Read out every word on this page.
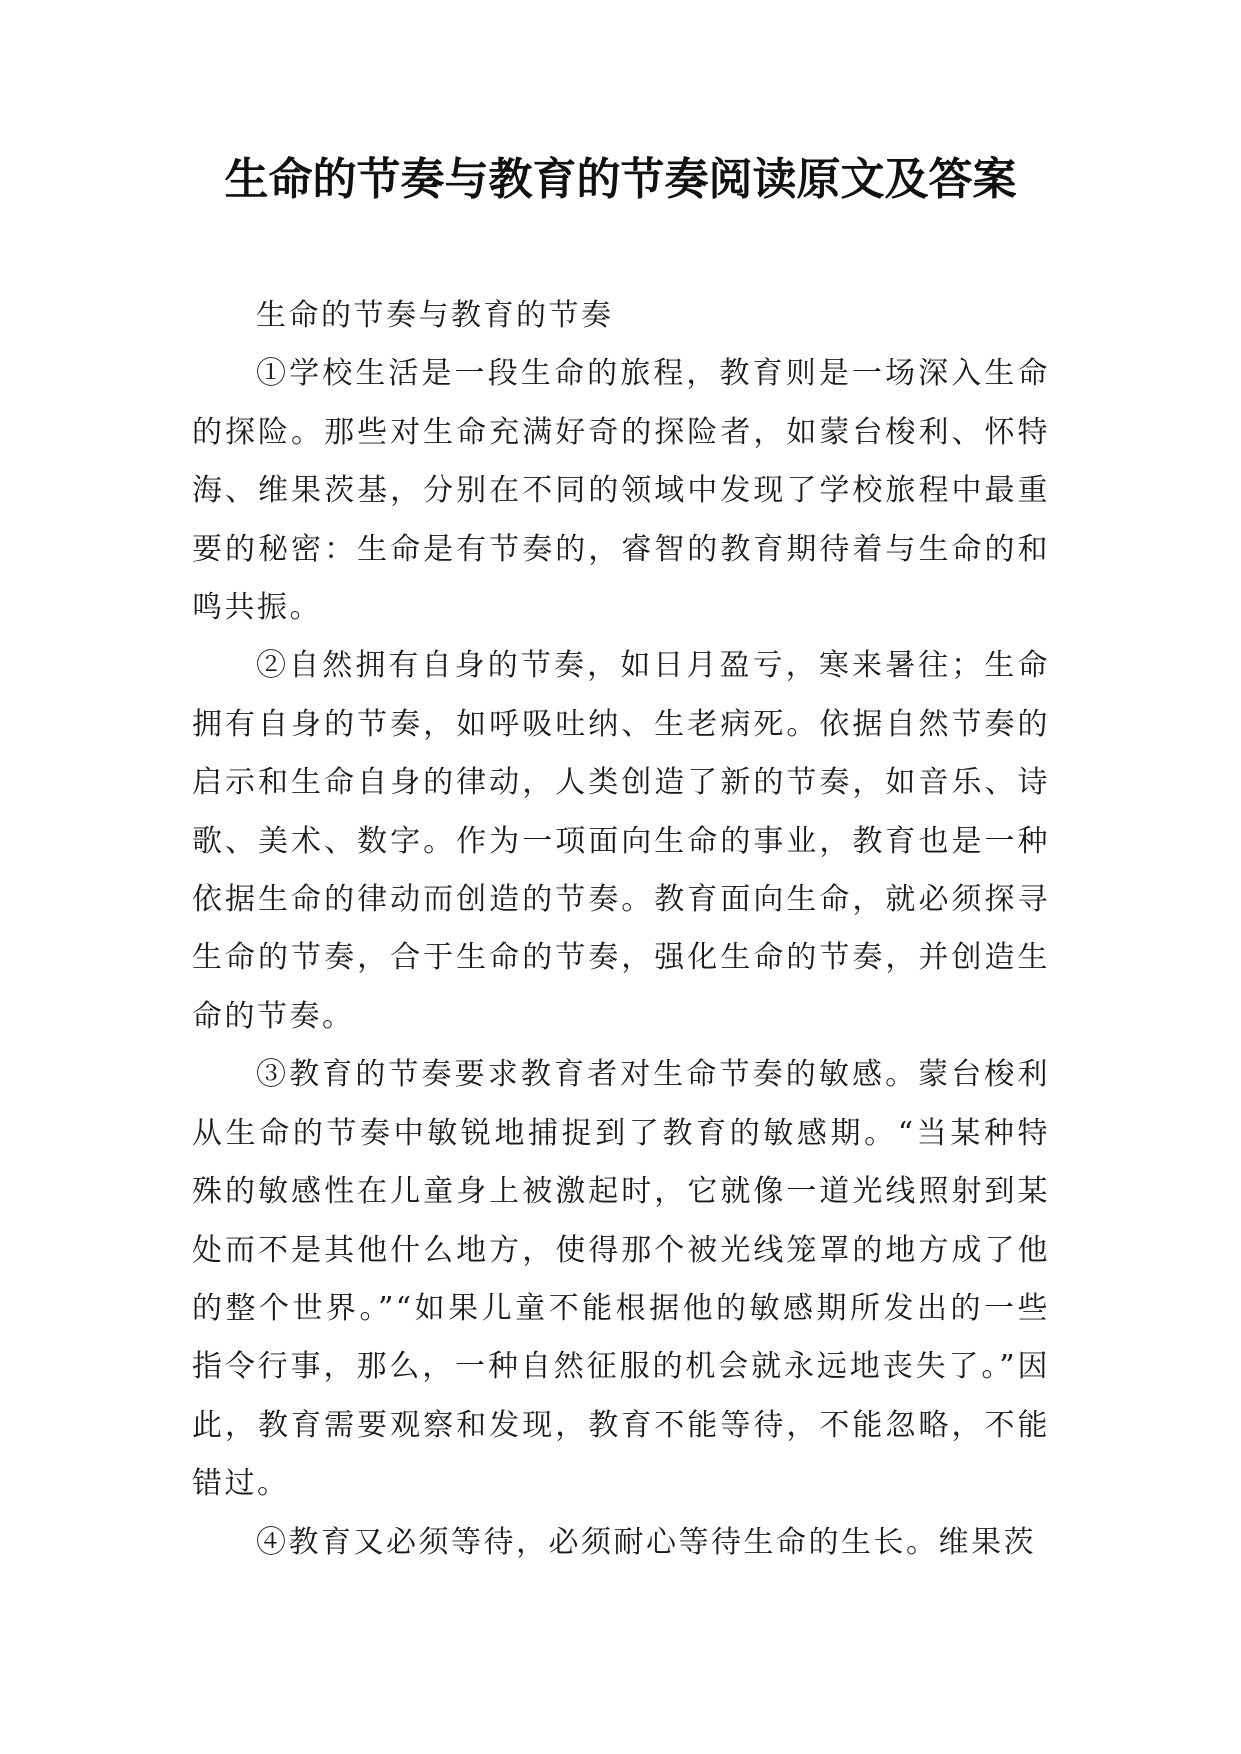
生命的节奏与教育的节奏阅读原文及答案

生命的节奏与教育的节奏

①学校生活是一段生命的旅程，教育则是一场深入生命的探险。那些对生命充满好奇的探险者，如蒙台梭利、怀特海、维果茨基，分别在不同的领域中发现了学校旅程中最重要的秘密：生命是有节奏的，睿智的教育期待着与生命的和鸣共振。

②自然拥有自身的节奏，如日月盈亏，寒来暑往；生命拥有自身的节奏，如呼吸吐纳、生老病死。依据自然节奏的启示和生命自身的律动，人类创造了新的节奏，如音乐、诗歌、美术、数字。作为一项面向生命的事业，教育也是一种依据生命的律动而创造的节奏。教育面向生命，就必须探寻生命的节奏，合于生命的节奏，强化生命的节奏，并创造生命的节奏。

③教育的节奏要求教育者对生命节奏的敏感。蒙台梭利从生命的节奏中敏锐地捕捉到了教育的敏感期。“当某种特殊的敏感性在儿童身上被激起时，它就像一道光线照射到某处而不是其他什么地方，使得那个被光线笼罩的地方成了他的整个世界。”“如果儿童不能根据他的敏感期所发出的一些指令行事，那么，一种自然征服的机会就永远地丧失了。”因此，教育需要观察和发现，教育不能等待，不能忽略，不能错过。

④教育又必须等待，必须耐心等待生命的生长。维果茨
